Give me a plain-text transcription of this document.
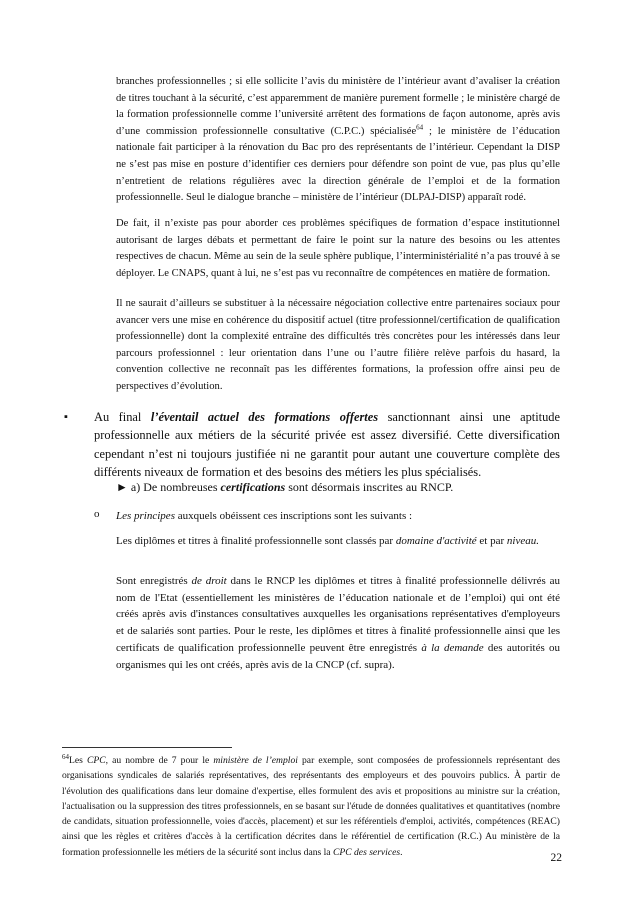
branches professionnelles ; si elle sollicite l’avis du ministère de l’intérieur avant d’avaliser la création de titres touchant à la sécurité, c’est apparemment de manière purement formelle ; le ministère chargé de la formation professionnelle comme l’université arrêtent des formations de façon autonome, après avis d’une commission professionnelle consultative (C.P.C.) spécialisée$^{64}$ ; le ministère de l’éducation nationale fait participer à la rénovation du Bac pro des représentants de l’intérieur. Cependant la DISP ne s’est pas mise en posture d’identifier ces derniers pour défendre son point de vue, pas plus qu’elle n’entretient de relations régulières avec la direction générale de l’emploi et de la formation professionnelle. Seul le dialogue branche – ministère de l’intérieur (DLPAJ-DISP) apparaît rodé.

De fait, il n’existe pas pour aborder ces problèmes spécifiques de formation d’espace institutionnel autorisant de larges débats et permettant de faire le point sur la nature des besoins ou les attentes respectives de chacun. Même au sein de la seule sphère publique, l’interministérialité n’a pas trouvé à se déployer. Le CNAPS, quant à lui, ne s’est pas vu reconnaître de compétences en matière de formation.

Il ne saurait d’ailleurs se substituer à la nécessaire négociation collective entre partenaires sociaux pour avancer vers une mise en cohérence du dispositif actuel (titre professionnel/certification de qualification professionnelle) dont la complexité entraîne des difficultés très concrètes pour les intéressés dans leur parcours professionnel : leur orientation dans l’une ou l’autre filière relève parfois du hasard, la convention collective ne reconnaît pas les différentes formations, la profession offre ainsi peu de perspectives d’évolution.

▪ Au final l’éventail actuel des formations offertes sanctionnant ainsi une aptitude professionnelle aux métiers de la sécurité privée est assez diversifié. Cette diversification cependant n’est ni toujours justifiée ni ne garantit pour autant une couverture complète des différents niveaux de formation et des besoins des métiers les plus spécialisés.

► a) De nombreuses certifications sont désormais inscrites au RNCP.
o Les principes auxquels obéissent ces inscriptions sont les suivants :

Les diplômes et titres à finalité professionnelle sont classés par domaine d'activité et par niveau.

Sont enregistrés de droit dans le RNCP les diplômes et titres à finalité professionnelle délivrés au nom de l'Etat (essentiellement les ministères de l’éducation nationale et de l’emploi) qui ont été créés après avis d'instances consultatives auxquelles les organisations représentatives d'employeurs et de salariés sont parties. Pour le reste, les diplômes et titres à finalité professionnelle ainsi que les certificats de qualification professionnelle peuvent être enregistrés à la demande des autorités ou organismes qui les ont créés, après avis de la CNCP (cf. supra).

$^{64}$Les CPC, au nombre de 7 pour le ministère de l’emploi par exemple, sont composées de professionnels représentant des organisations syndicales de salariés représentatives, des représentants des employeurs et des pouvoirs publics. À partir de l'évolution des qualifications dans leur domaine d'expertise, elles formulent des avis et propositions au ministre sur la création, l'actualisation ou la suppression des titres professionnels, en se basant sur l'étude de données qualitatives et quantitatives (nombre de candidats, situation professionnelle, voies d'accès, placement) et sur les référentiels d'emploi, activités, compétences (REAC) ainsi que les règles et critères d'accès à la certification décrites dans le référentiel de certification (R.C.) Au ministère de la formation professionnelle les métiers de la sécurité sont inclus dans la CPC des services.	22
